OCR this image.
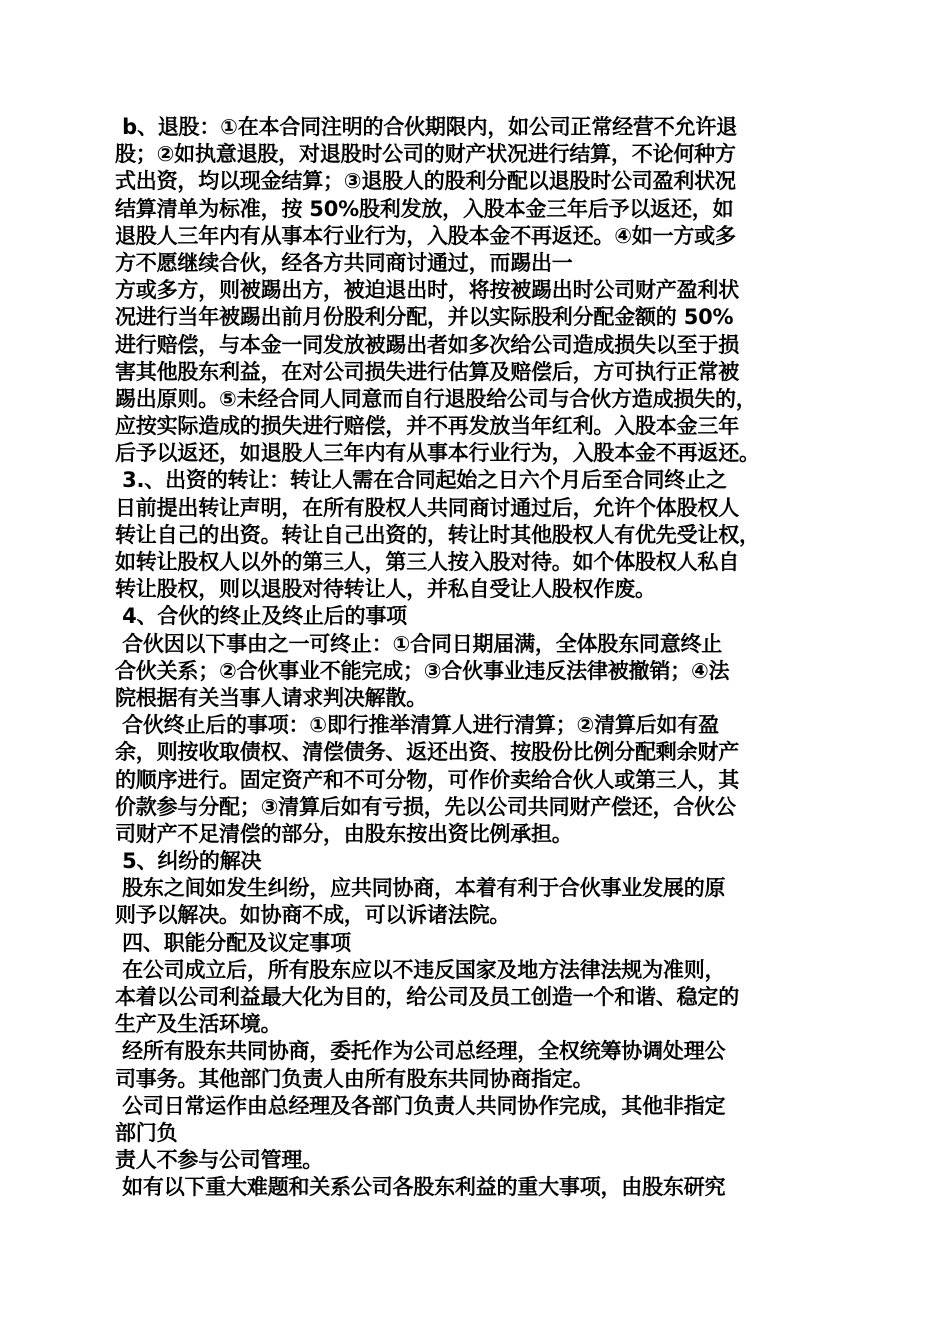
b、退股：①在本合同注明的合伙期限内，如公司正常经营不允许退
股；②如执意退股，对退股时公司的财产状况进行结算，不论何种方
式出资，均以现金结算；③退股人的股利分配以退股时公司盈利状况
结算清单为标准，按 50%股利发放，入股本金三年后予以返还，如
退股人三年内有从事本行业行为，入股本金不再返还。④如一方或多
方不愿继续合伙，经各方共同商讨通过，而踢出一
方或多方，则被踢出方，被迫退出时，将按被踢出时公司财产盈利状
况进行当年被踢出前月份股利分配，并以实际股利分配金额的 50%
进行赔偿，与本金一同发放被踢出者如多次给公司造成损失以至于损
害其他股东利益，在对公司损失进行估算及赔偿后，方可执行正常被
踢出原则。⑤未经合同人同意而自行退股给公司与合伙方造成损失的，
应按实际造成的损失进行赔偿，并不再发放当年红利。入股本金三年
后予以返还，如退股人三年内有从事本行业行为，入股本金不再返还。
3.、出资的转让：转让人需在合同起始之日六个月后至合同终止之
日前提出转让声明，在所有股权人共同商讨通过后，允许个体股权人
转让自己的出资。转让自己出资的，转让时其他股权人有优先受让权，
如转让股权人以外的第三人，第三人按入股对待。如个体股权人私自
转让股权，则以退股对待转让人，并私自受让人股权作废。
4、合伙的终止及终止后的事项
合伙因以下事由之一可终止：①合同日期届满，全体股东同意终止
合伙关系；②合伙事业不能完成；③合伙事业违反法律被撤销；④法
院根据有关当事人请求判决解散。
合伙终止后的事项：①即行推举清算人进行清算；②清算后如有盈
余，则按收取债权、清偿债务、返还出资、按股份比例分配剩余财产
的顺序进行。固定资产和不可分物，可作价卖给合伙人或第三人，其
价款参与分配；③清算后如有亏损，先以公司共同财产偿还，合伙公
司财产不足清偿的部分，由股东按出资比例承担。
5、纠纷的解决
股东之间如发生纠纷，应共同协商，本着有利于合伙事业发展的原
则予以解决。如协商不成，可以诉诸法院。
四、职能分配及议定事项
在公司成立后，所有股东应以不违反国家及地方法律法规为准则，
本着以公司利益最大化为目的，给公司及员工创造一个和谐、稳定的
生产及生活环境。
经所有股东共同协商，委托作为公司总经理，全权统筹协调处理公
司事务。其他部门负责人由所有股东共同协商指定。
公司日常运作由总经理及各部门负责人共同协作完成，其他非指定
部门负
责人不参与公司管理。
如有以下重大难题和关系公司各股东利益的重大事项，由股东研究
